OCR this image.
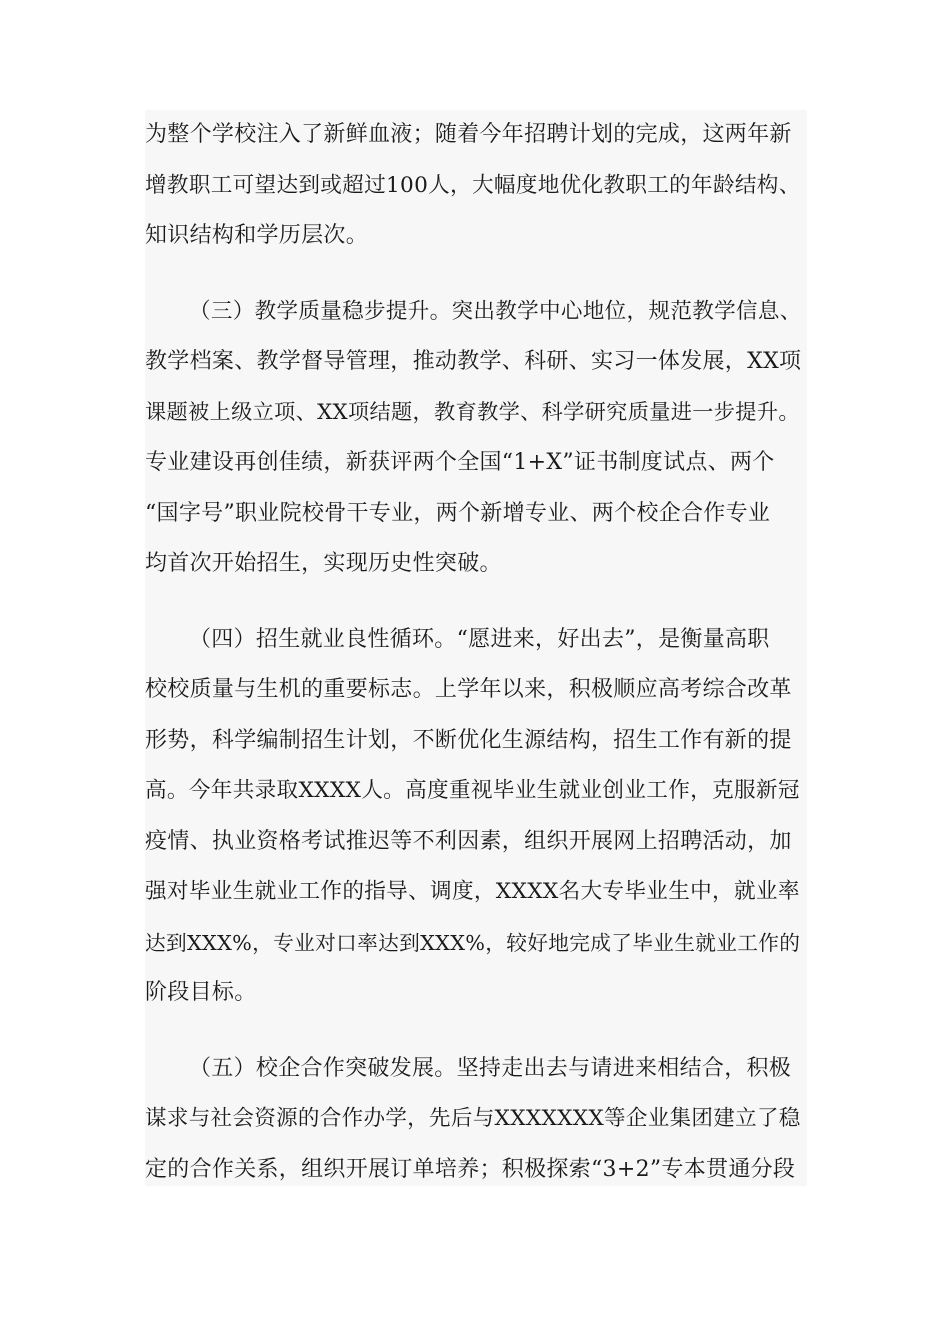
为整个学校注入了新鲜血液；随着今年招聘计划的完成，这两年新
增教职工可望达到或超过100人，大幅度地优化教职工的年龄结构、
知识结构和学历层次。
（三）教学质量稳步提升。突出教学中心地位，规范教学信息、
教学档案、教学督导管理，推动教学、科研、实习一体发展，XX项
课题被上级立项、XX项结题，教育教学、科学研究质量进一步提升。
专业建设再创佳绩，新获评两个全国“1+X”证书制度试点、两个
“国字号”职业院校骨干专业，两个新增专业、两个校企合作专业
均首次开始招生，实现历史性突破。
（四）招生就业良性循环。“愿进来，好出去”，是衡量高职
校校质量与生机的重要标志。上学年以来，积极顺应高考综合改革
形势，科学编制招生计划，不断优化生源结构，招生工作有新的提
高。今年共录取XXXX人。高度重视毕业生就业创业工作，克服新冠
疫情、执业资格考试推迟等不利因素，组织开展网上招聘活动，加
强对毕业生就业工作的指导、调度，XXXX名大专毕业生中，就业率
达到XXX%，专业对口率达到XXX%，较好地完成了毕业生就业工作的
阶段目标。
（五）校企合作突破发展。坚持走出去与请进来相结合，积极
谋求与社会资源的合作办学，先后与XXXXXXX等企业集团建立了稳
定的合作关系，组织开展订单培养；积极探索“3+2”专本贯通分段
